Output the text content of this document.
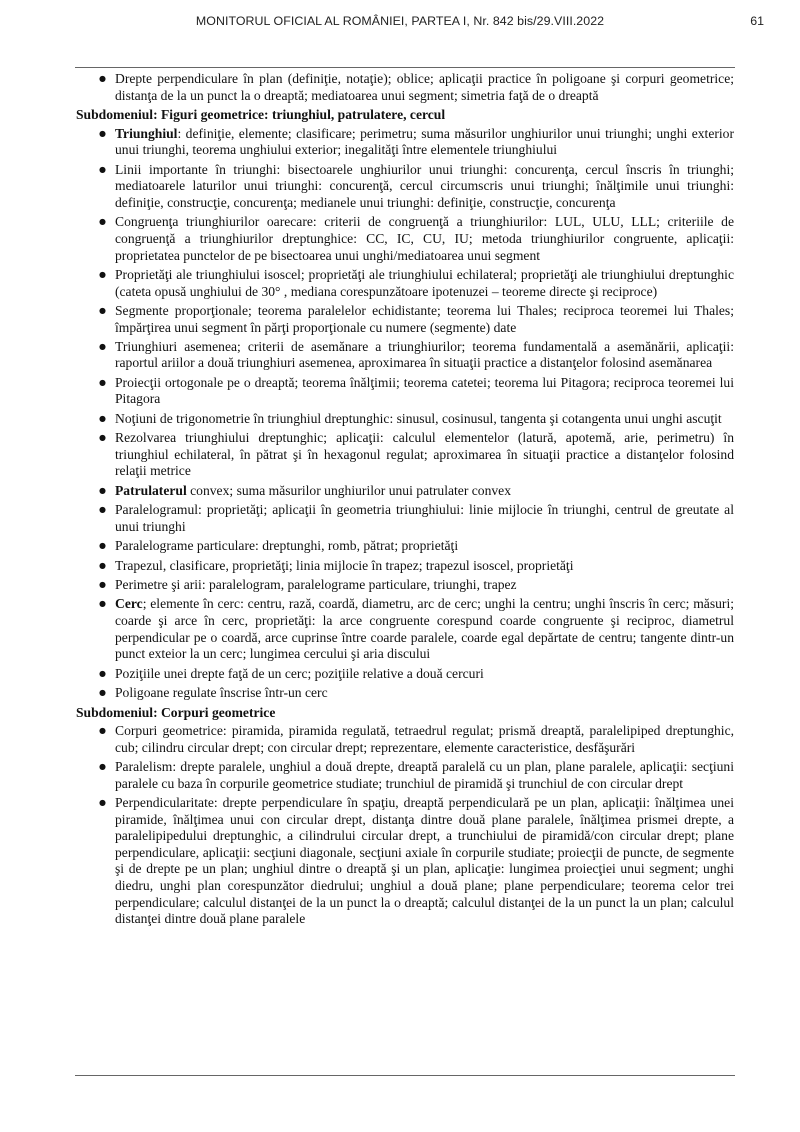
MONITORUL OFICIAL AL ROMÂNIEI, PARTEA I, Nr. 842 bis/29.VIII.2022	61
● Drepte perpendiculare în plan (definiţie, notaţie); oblice; aplicaţii practice în poligoane şi corpuri geometrice; distanţa de la un punct la o dreaptă; mediatoarea unui segment; simetria faţă de o dreaptă
Subdomeniul: Figuri geometrice: triunghiul, patrulatere, cercul
● Triunghiul: definiţie, elemente; clasificare; perimetru; suma măsurilor unghiurilor unui triunghi; unghi exterior unui triunghi, teorema unghiului exterior; inegalităţi între elementele triunghiului
● Linii importante în triunghi: bisectoarele unghiurilor unui triunghi: concurenţa, cercul înscris în triunghi; mediatoarele laturilor unui triunghi: concurenţă, cercul circumscris unui triunghi; înălţimile unui triunghi: definiţie, construcţie, concurenţa; medianele unui triunghi: definiţie, construcţie, concurenţa
● Congruenţa triunghiurilor oarecare: criterii de congruenţă a triunghiurilor: LUL, ULU, LLL; criteriile de congruenţă a triunghiurilor dreptunghice: CC, IC, CU, IU; metoda triunghiurilor congruente, aplicaţii: proprietatea punctelor de pe bisectoarea unui unghi/mediatoarea unui segment
● Proprietăţi ale triunghiului isoscel; proprietăţi ale triunghiului echilateral; proprietăţi ale triunghiului dreptunghic (cateta opusă unghiului de 30° , mediana corespunzătoare ipotenuzei – teoreme directe şi reciproce)
● Segmente proporţionale; teorema paralelelor echidistante; teorema lui Thales; reciproca teoremei lui Thales; împărţirea unui segment în părţi proporţionale cu numere (segmente) date
● Triunghiuri asemenea; criterii de asemănare a triunghiurilor; teorema fundamentală a asemănării, aplicaţii: raportul ariilor a două triunghiuri asemenea, aproximarea în situaţii practice a distanţelor folosind asemănarea
● Proiecţii ortogonale pe o dreaptă; teorema înălţimii; teorema catetei; teorema lui Pitagora; reciproca teoremei lui Pitagora
● Noţiuni de trigonometrie în triunghiul dreptunghic: sinusul, cosinusul, tangenta şi cotangenta unui unghi ascuţit
● Rezolvarea triunghiului dreptunghic; aplicaţii: calculul elementelor (latură, apotemă, arie, perimetru) în triunghiul echilateral, în pătrat şi în hexagonul regulat; aproximarea în situaţii practice a distanţelor folosind relaţii metrice
● Patrulaterul convex; suma măsurilor unghiurilor unui patrulater convex
● Paralelogramul: proprietăţi; aplicaţii în geometria triunghiului: linie mijlocie în triunghi, centrul de greutate al unui triunghi
● Paralelograme particulare: dreptunghi, romb, pătrat; proprietăţi
● Trapezul, clasificare, proprietăţi; linia mijlocie în trapez; trapezul isoscel, proprietăţi
● Perimetre şi arii: paralelogram, paralelograme particulare, triunghi, trapez
● Cerc; elemente în cerc: centru, rază, coardă, diametru, arc de cerc; unghi la centru; unghi înscris în cerc; măsuri; coarde şi arce în cerc, proprietăţi: la arce congruente corespund coarde congruente şi reciproc, diametrul perpendicular pe o coardă, arce cuprinse între coarde paralele, coarde egal depărtate de centru; tangente dintr-un punct exteior la un cerc; lungimea cercului şi aria discului
● Poziţiile unei drepte faţă de un cerc; poziţiile relative a două cercuri
● Poligoane regulate înscrise într-un cerc
Subdomeniul: Corpuri geometrice
● Corpuri geometrice: piramida, piramida regulată, tetraedrul regulat; prismă dreaptă, paralelipiped dreptunghic, cub; cilindru circular drept; con circular drept; reprezentare, elemente caracteristice, desfăşurări
● Paralelism: drepte paralele, unghiul a două drepte, dreaptă paralelă cu un plan, plane paralele, aplicaţii: secţiuni paralele cu baza în corpurile geometrice studiate; trunchiul de piramidă şi trunchiul de con circular drept
● Perpendicularitate: drepte perpendiculare în spaţiu, dreaptă perpendiculară pe un plan, aplicaţii: înălţimea unei piramide, înălţimea unui con circular drept, distanţa dintre două plane paralele, înălţimea prismei drepte, a paralelipipedului dreptunghic, a cilindrului circular drept, a trunchiului de piramidă/con circular drept; plane perpendiculare, aplicaţii: secţiuni diagonale, secţiuni axiale în corpurile studiate; proiecţii de puncte, de segmente şi de drepte pe un plan; unghiul dintre o dreaptă şi un plan, aplicaţie: lungimea proiecţiei unui segment; unghi diedru, unghi plan corespunzător diedrului; unghiul a două plane; plane perpendiculare; teorema celor trei perpendiculare; calculul distanţei de la un punct la o dreaptă; calculul distanţei de la un punct la un plan; calculul distanţei dintre două plane paralele
